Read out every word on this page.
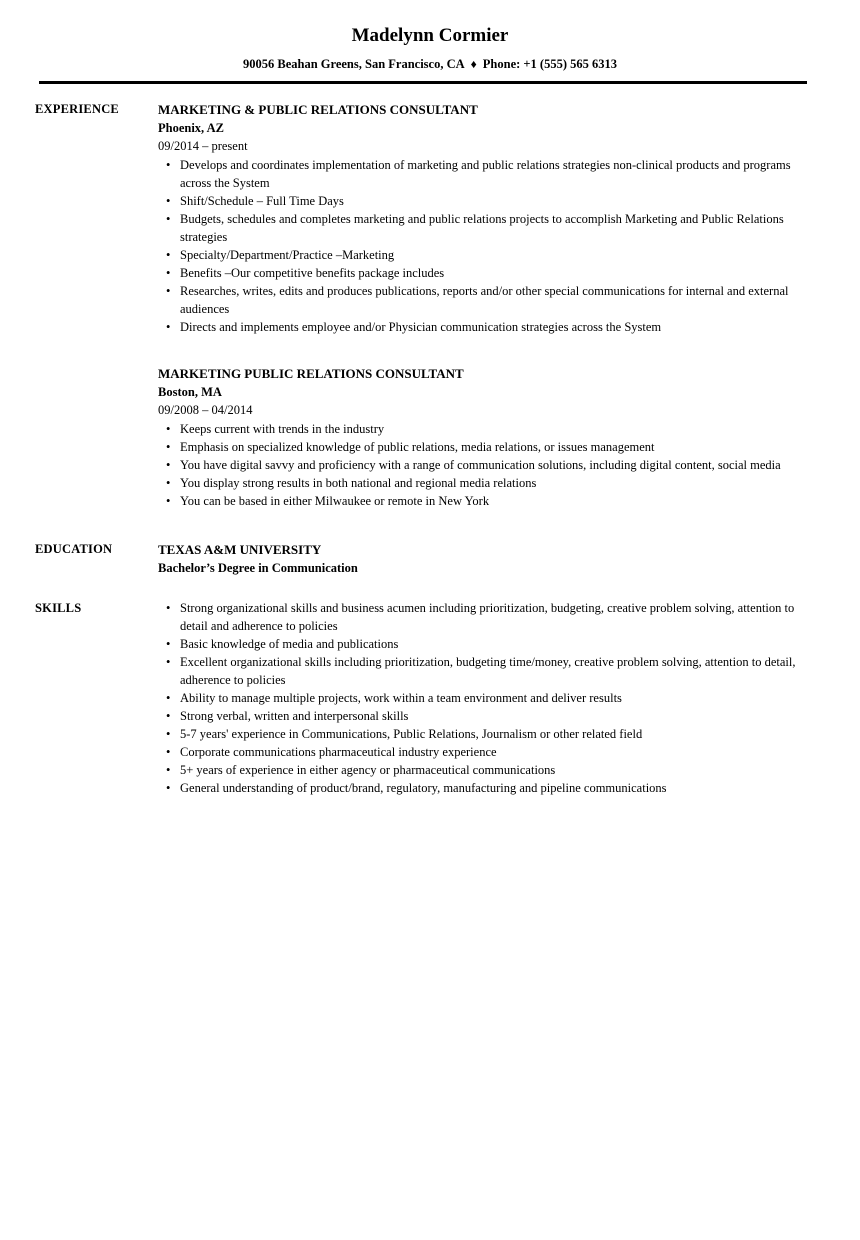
Madelynn Cormier
90056 Beahan Greens, San Francisco, CA ♦ Phone: +1 (555) 565 6313
EXPERIENCE	MARKETING & PUBLIC RELATIONS CONSULTANT
Phoenix, AZ
09/2014 – present
• Develops and coordinates implementation of marketing and public relations strategies non-clinical products and programs across the System
• Shift/Schedule – Full Time Days
• Budgets, schedules and completes marketing and public relations projects to accomplish Marketing and Public Relations strategies
• Specialty/Department/Practice –Marketing
• Benefits –Our competitive benefits package includes
• Researches, writes, edits and produces publications, reports and/or other special communications for internal and external audiences
• Directs and implements employee and/or Physician communication strategies across the System
MARKETING PUBLIC RELATIONS CONSULTANT
Boston, MA
09/2008 – 04/2014
• Keeps current with trends in the industry
• Emphasis on specialized knowledge of public relations, media relations, or issues management
• You have digital savvy and proficiency with a range of communication solutions, including digital content, social media
• You display strong results in both national and regional media relations
• You can be based in either Milwaukee or remote in New York
EDUCATION	TEXAS A&M UNIVERSITY
Bachelor’s Degree in Communication
SKILLS	• Strong organizational skills and business acumen including prioritization, budgeting, creative problem solving, attention to detail and adherence to policies
• Basic knowledge of media and publications
• Excellent organizational skills including prioritization, budgeting time/money, creative problem solving, attention to detail, adherence to policies
• Ability to manage multiple projects, work within a team environment and deliver results
• Strong verbal, written and interpersonal skills
• 5-7 years' experience in Communications, Public Relations, Journalism or other related field
• Corporate communications pharmaceutical industry experience
• 5+ years of experience in either agency or pharmaceutical communications
• General understanding of product/brand, regulatory, manufacturing and pipeline communications
